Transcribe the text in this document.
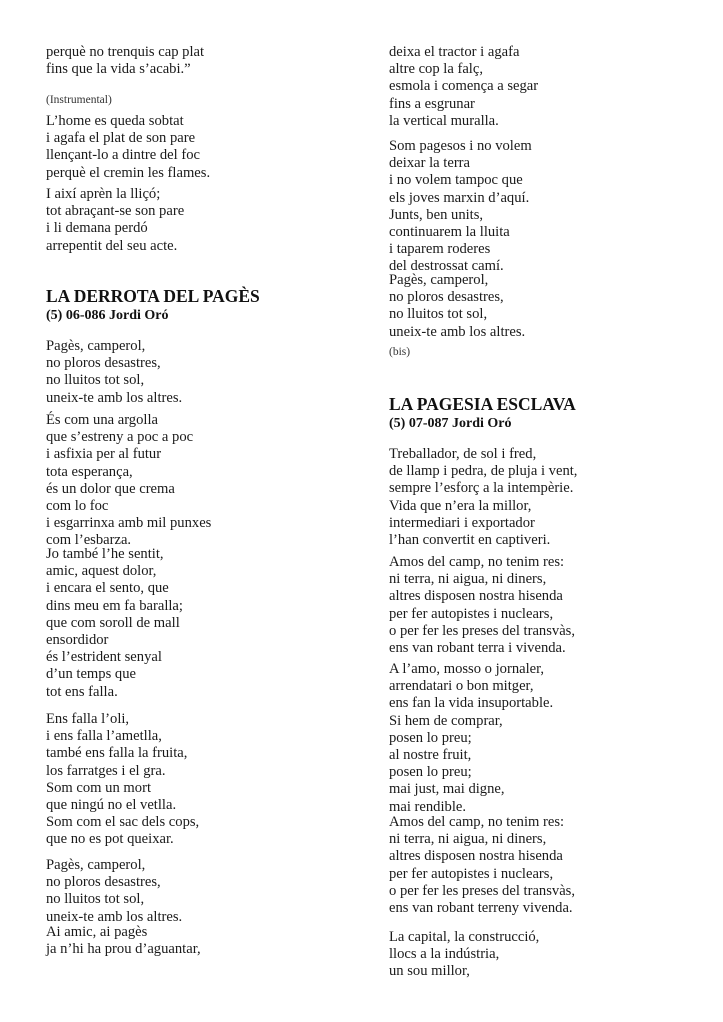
perquè no trenquis cap plat
fins que la vida s’acabi.”
(Instrumental)
L’home es queda sobtat
i agafa el plat de son pare
llençant-lo a dintre del foc
perquè el cremin les flames.
I així aprèn la lliçó;
tot abraçant-se son pare
i li demana perdó
arrepentit del seu acte.
LA DERROTA DEL PAGÈS
(5) 06-086 Jordi Oró
Pagès, camperol,
no ploros desastres,
no lluitos tot sol,
uneix-te amb los altres.
És com una argolla
que s’estreny a poc a poc
i asfixia per al futur
tota esperança,
és un dolor que crema
com lo foc
i esgarrinxa amb mil punxes
com l’esbarza.
Jo també l’he sentit,
amic, aquest dolor,
i encara el sento, que
dins meu em fa baralla;
que com soroll de mall
ensordidor
és l’estrident senyal
d’un temps que
tot ens falla.
Ens falla l’oli,
i ens falla l’ametlla,
també ens falla la fruita,
los farratges i el gra.
Som com un mort
que ningú no el vetlla.
Som com el sac dels cops,
que no es pot queixar.
Pagès, camperol,
no ploros desastres,
no lluitos tot sol,
uneix-te amb los altres.
Ai amic, ai pagès
ja n’hi ha prou d’aguantar,
deixa el tractor i agafa
altre cop la falç,
esmola i comença a segar
fins a esgrunar
la vertical muralla.
Som pagesos i no volem
deixar la terra
i no volem tampoc que
els joves marxin d’aquí.
Junts, ben units,
continuarem la lluita
i taparem roderes
del destrossat camí.
Pagès, camperol,
no ploros desastres,
no lluitos tot sol,
uneix-te amb los altres.
(bis)
LA PAGESIA ESCLAVA
(5) 07-087 Jordi Oró
Treballador, de sol i fred,
de llamp i pedra, de pluja i vent,
sempre l’esforç a la intempèrie.
Vida que n’era la millor,
intermediari i exportador
l’han convertit en captiveri.
Amos del camp, no tenim res:
ni terra, ni aigua, ni diners,
altres disposen nostra hisenda
per fer autopistes i nuclears,
o per fer les preses del transvàs,
ens van robant terra i vivenda.
A l’amo, mosso o jornaler,
arrendatari o bon mitger,
ens fan la vida insuportable.
Si hem de comprar,
posen lo preu;
al nostre fruit,
posen lo preu;
mai just, mai digne,
mai rendible.
Amos del camp, no tenim res:
ni terra, ni aigua, ni diners,
altres disposen nostra hisenda
per fer autopistes i nuclears,
o per fer les preses del transvàs,
ens van robant terreny vivenda.
La capital, la construcció,
llocs a la indústria,
un sou millor,
